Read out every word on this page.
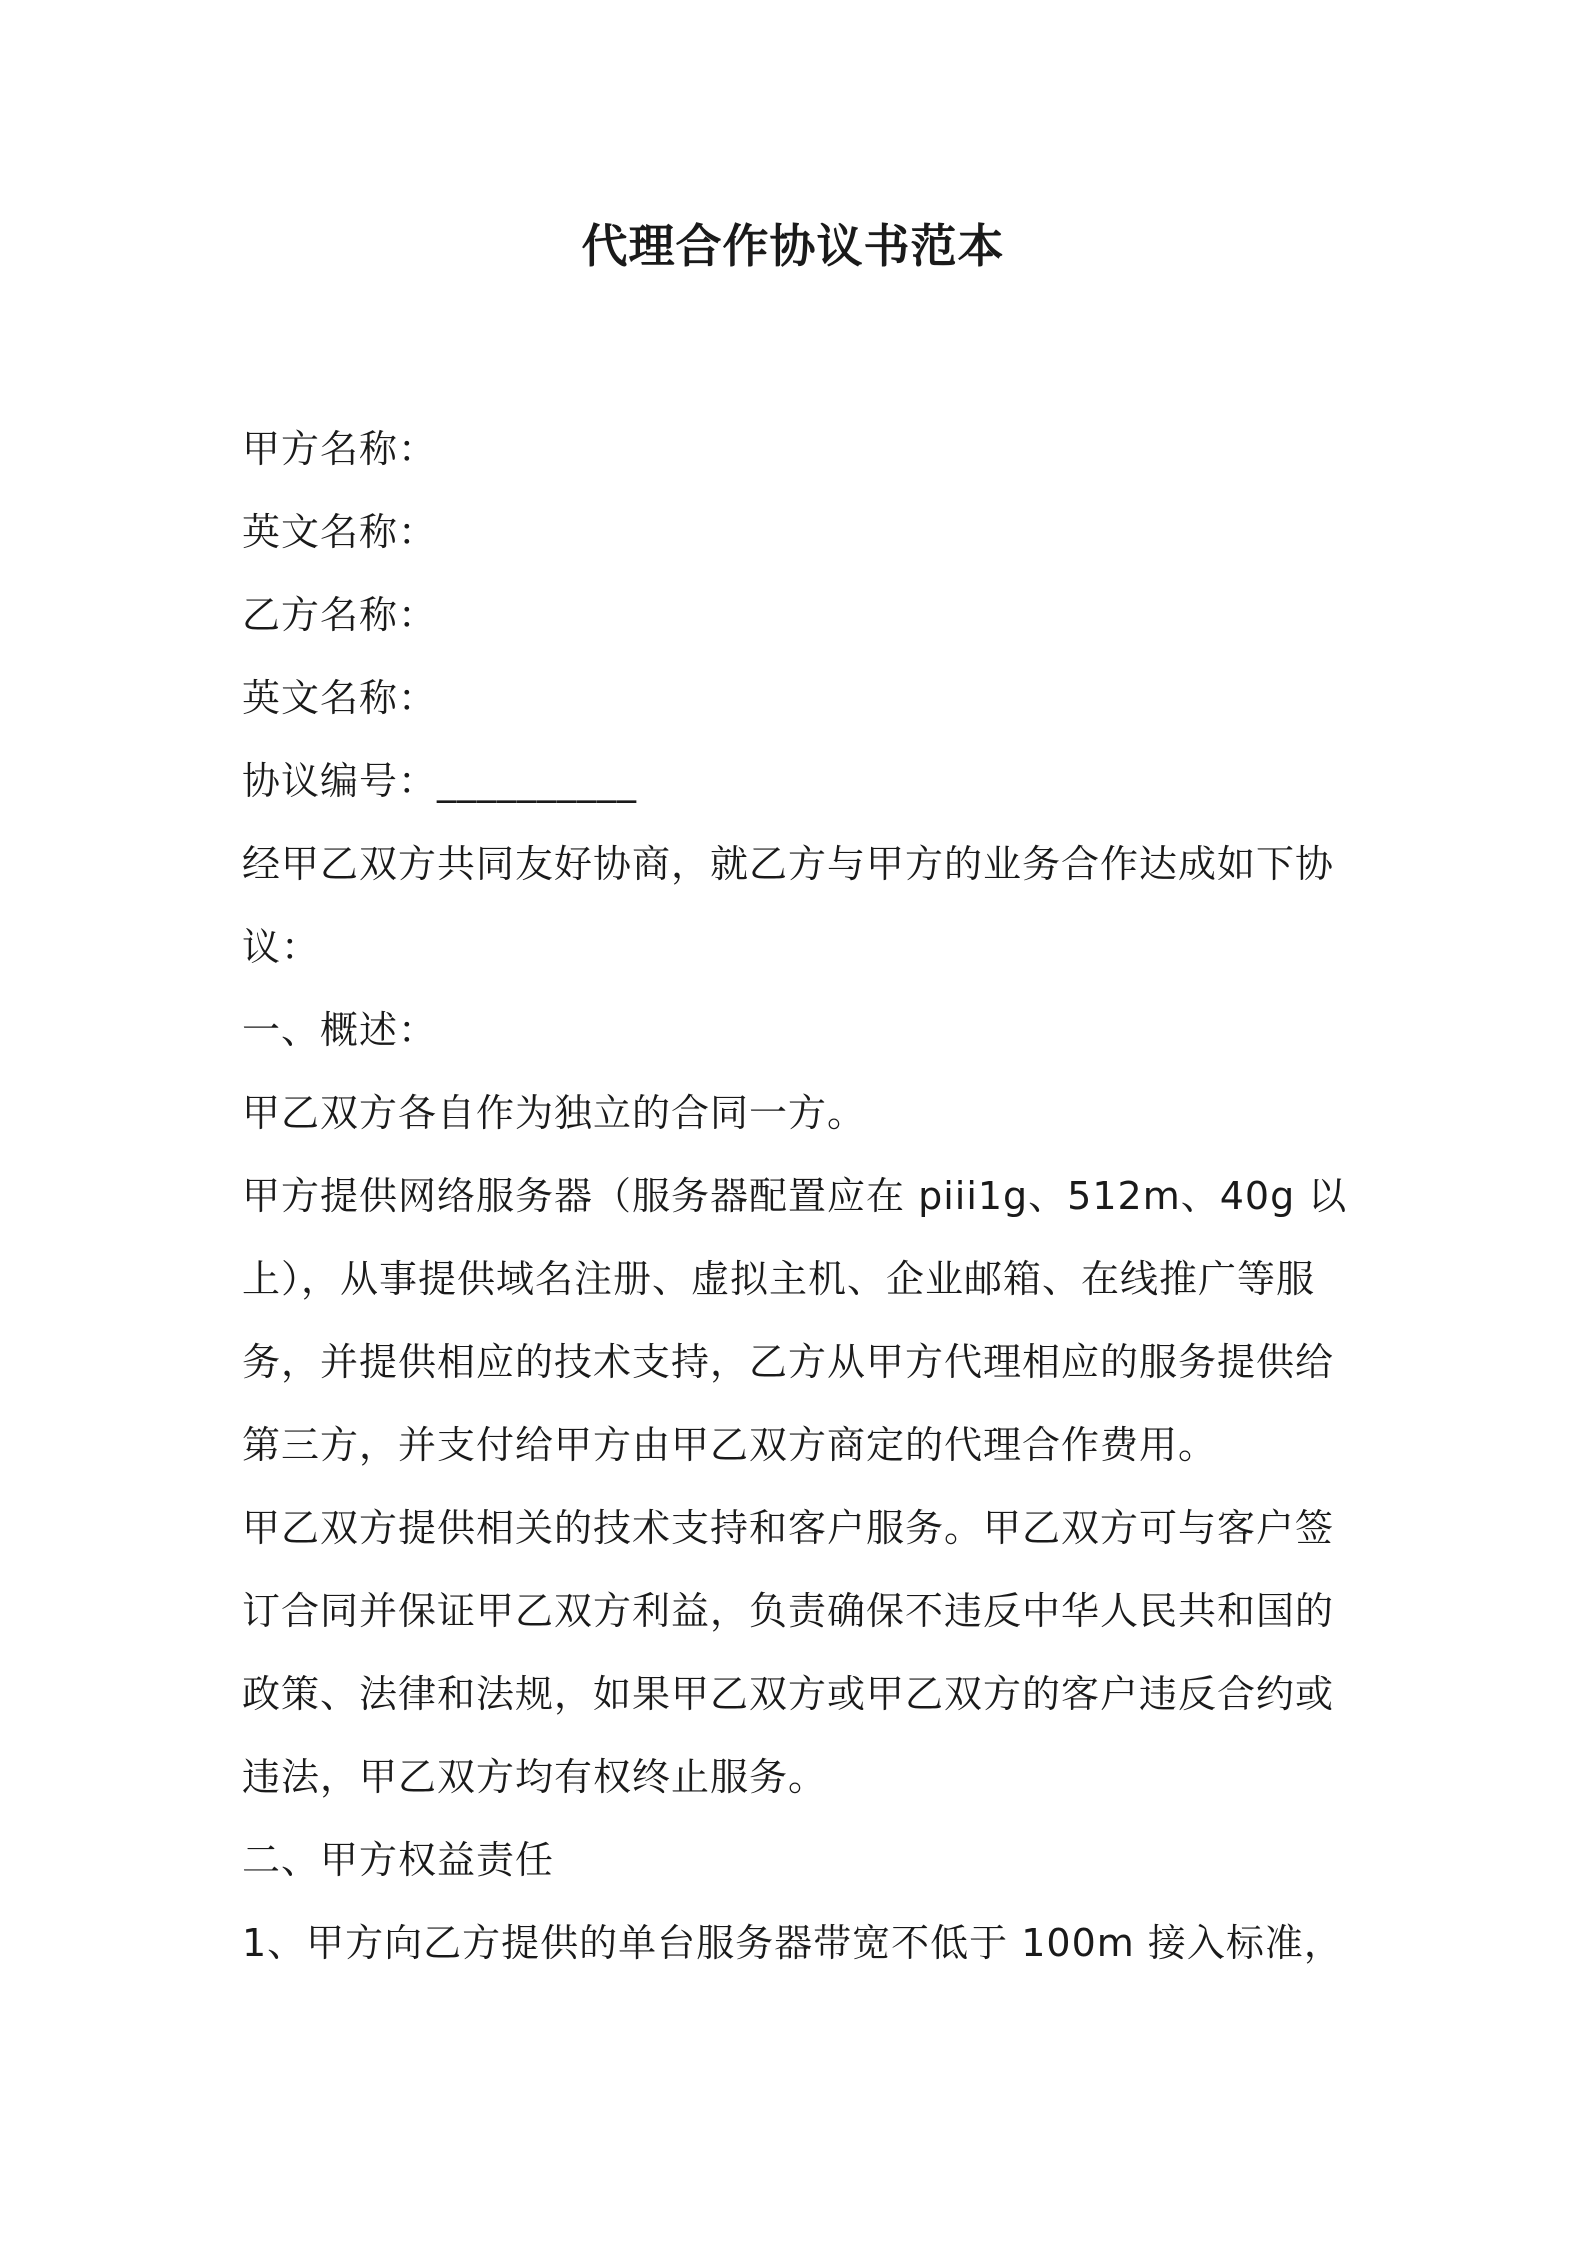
代理合作协议书范本
甲方名称：
英文名称：
乙方名称：
英文名称：
协议编号：__________
经甲乙双方共同友好协商，就乙方与甲方的业务合作达成如下协
议：
一、概述：
甲乙双方各自作为独立的合同一方。
甲方提供网络服务器（服务器配置应在 piii1g、512m、40g 以
上），从事提供域名注册、虚拟主机、企业邮箱、在线推广等服
务，并提供相应的技术支持，乙方从甲方代理相应的服务提供给
第三方，并支付给甲方由甲乙双方商定的代理合作费用。
甲乙双方提供相关的技术支持和客户服务。甲乙双方可与客户签
订合同并保证甲乙双方利益，负责确保不违反中华人民共和国的
政策、法律和法规，如果甲乙双方或甲乙双方的客户违反合约或
违法，甲乙双方均有权终止服务。
二、甲方权益责任
1、甲方向乙方提供的单台服务器带宽不低于 100m 接入标准，
